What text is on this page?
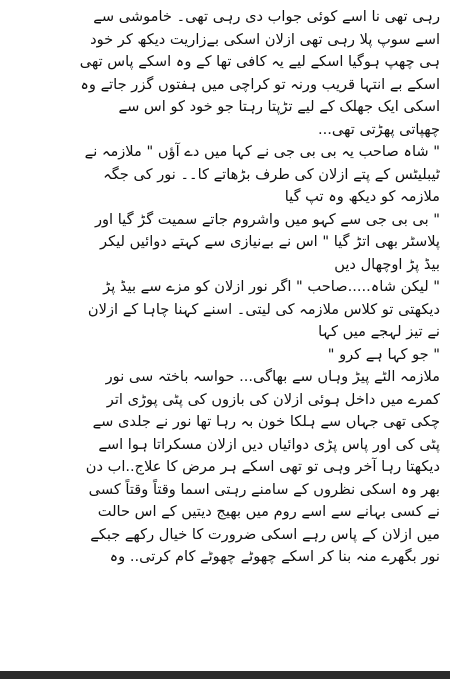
رہی تھی نا اسے کوئی جواب دی رہی تھی۔ خاموشی سے
اسے سوپ پلا رہی تھی ازلان اسکی بےزاریت دیکھ کر خود
ہی چھپ ہوگیا اسکے لیے یہ کافی تھا کے وہ اسکے پاس تھی
اسکے بے انتہا قریب ورنہ تو کراچی میں ہفتوں گزر جاتے وہ
اسکی ایک جھلک کے لیے تڑپتا رہتا جو خود کو اس سے
چھپاتی پھڑتی تھی...
" شاہ صاحب یہ بی بی جی نے کہا میں دے آؤں " ملازمہ نے
ٹیبلیٹس کے پتے ازلان کی طرف بڑھاتے کا۔۔ نور کی جگہ
ملازمہ کو دیکھ وہ تپ گیا
" بی بی جی سے کہو میں واشروم جاتے سمیت گڑ گیا اور
پلاسٹر بھی اتڑ گیا " اس نے بےنیازی سے کہتے دوائیں لیکر
بیڈ پڑ اوچھال دیں
" لیکن شاہ.....صاحب " اگر نور ازلان کو مزے سے بیڈ پڑ
دیکھتی تو کلاس ملازمہ کی لیتی۔ اسنے کہنا چاہا کے ازلان
نے تیز لہجے میں کہا
" جو کہا ہے کرو "
ملازمہ الٹے پیڑ وہاں سے بھاگی... حواسہ باختہ سی نور
کمرے میں داخل ہوئی ازلان کی بازوں کی پٹی پوڑی اتر
چکی تھی جہاں سے ہلکا خون بہ رہا تھا نور نے جلدی سے
پٹی کی اور پاس پڑی دوائیاں دیں ازلان مسکراتا ہوا اسے
دیکھتا رہا آخر وہی تو تھی اسکے ہر مرض کا علاج..اب دن
بھر وہ اسکی نظروں کے سامنے رہتی اسما وقتاً وقتاً کسی
نے کسی بہانے سے اسے روم میں بھیج دیتیں کے اس حالت
میں ازلان کے پاس رہے اسکی ضرورت کا خیال رکھے جبکے
نور بگھرے منہ بنا کر اسکے چھوٹے چھوٹے کام کرتی.. وہ
